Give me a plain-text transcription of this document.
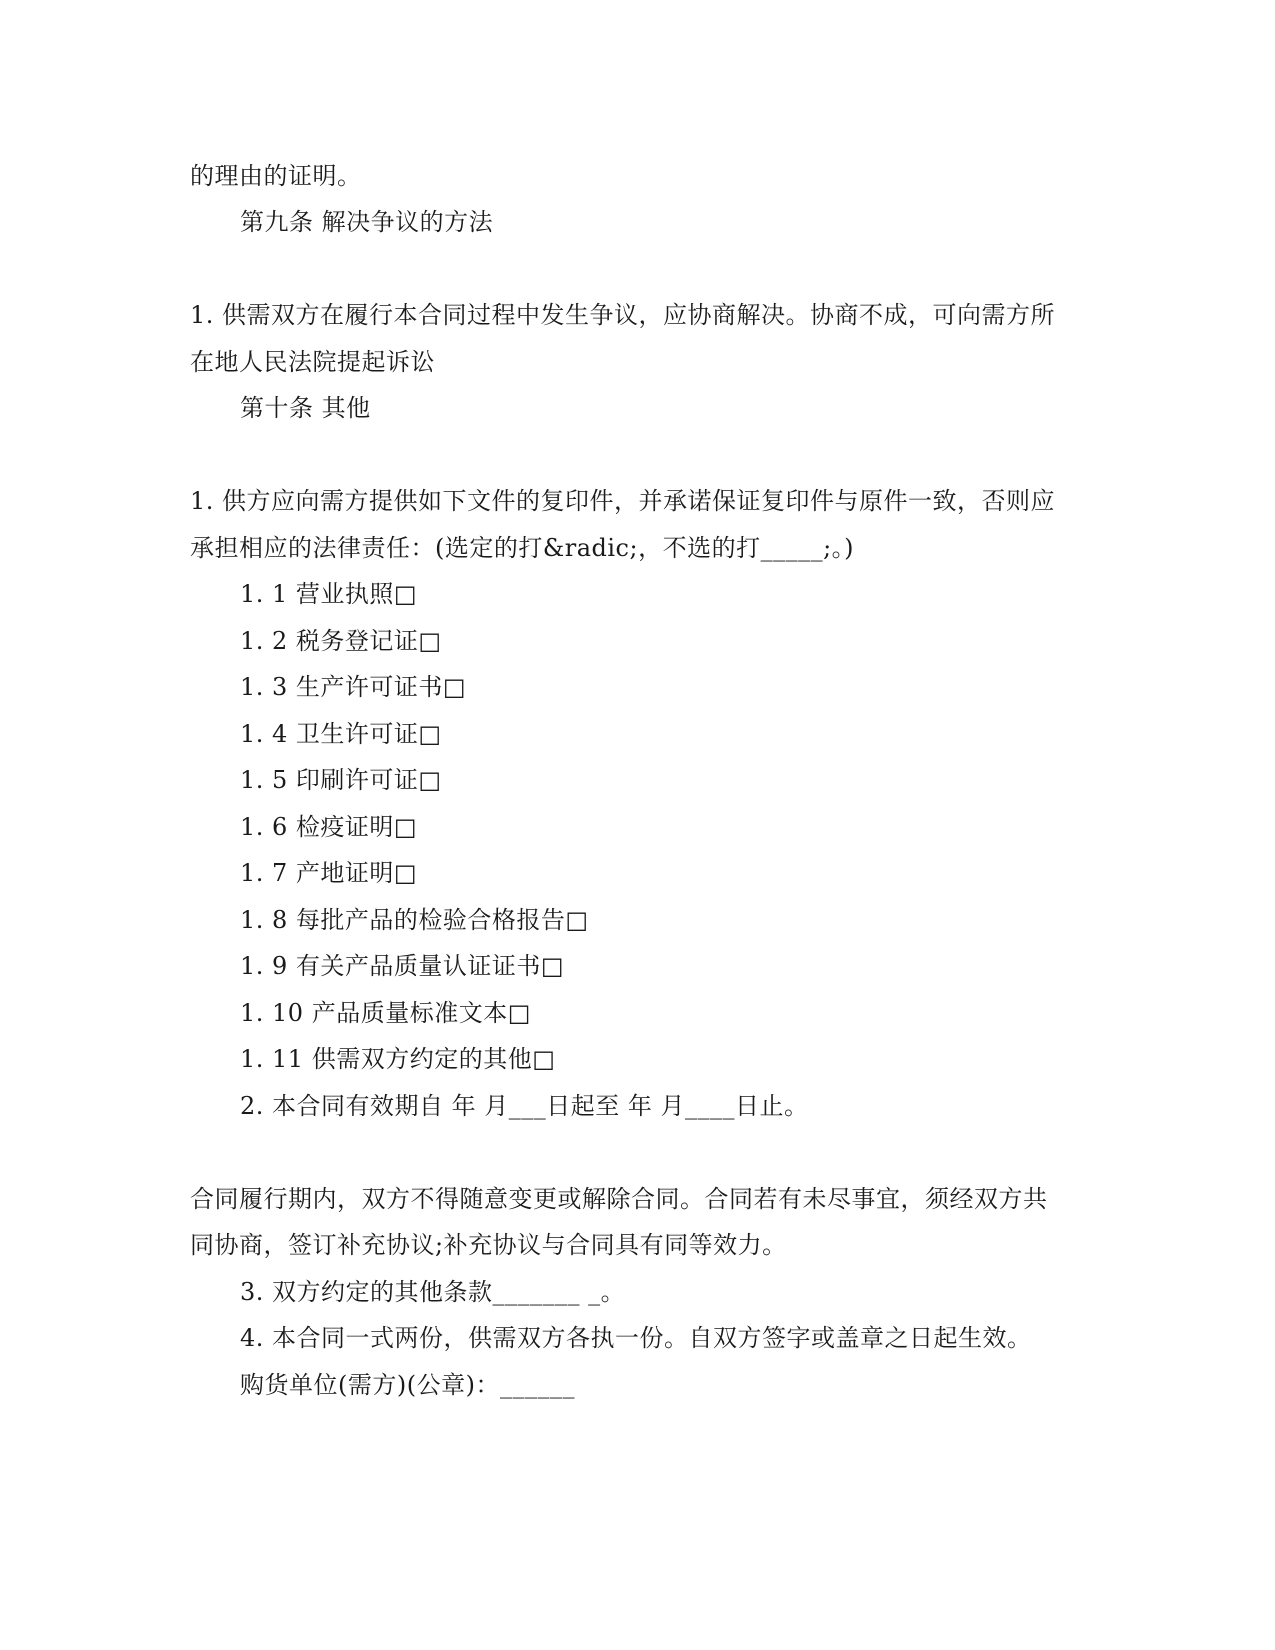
的理由的证明。
第九条 解决争议的方法
1. 供需双方在履行本合同过程中发生争议，应协商解决。协商不成，可向需方所
在地人民法院提起诉讼
第十条 其他
1. 供方应向需方提供如下文件的复印件，并承诺保证复印件与原件一致，否则应
承担相应的法律责任：(选定的打&radic;，不选的打_____;。)
1. 1 营业执照□
1. 2 税务登记证□
1. 3 生产许可证书□
1. 4 卫生许可证□
1. 5 印刷许可证□
1. 6 检疫证明□
1. 7 产地证明□
1. 8 每批产品的检验合格报告□
1. 9 有关产品质量认证证书□
1. 10 产品质量标准文本□
1. 11 供需双方约定的其他□
2. 本合同有效期自 年 月___日起至 年 月____日止。
合同履行期内，双方不得随意变更或解除合同。合同若有未尽事宜，须经双方共
同协商，签订补充协议;补充协议与合同具有同等效力。
3. 双方约定的其他条款_______ _。
4. 本合同一式两份，供需双方各执一份。自双方签字或盖章之日起生效。
购货单位(需方)(公章)：______
